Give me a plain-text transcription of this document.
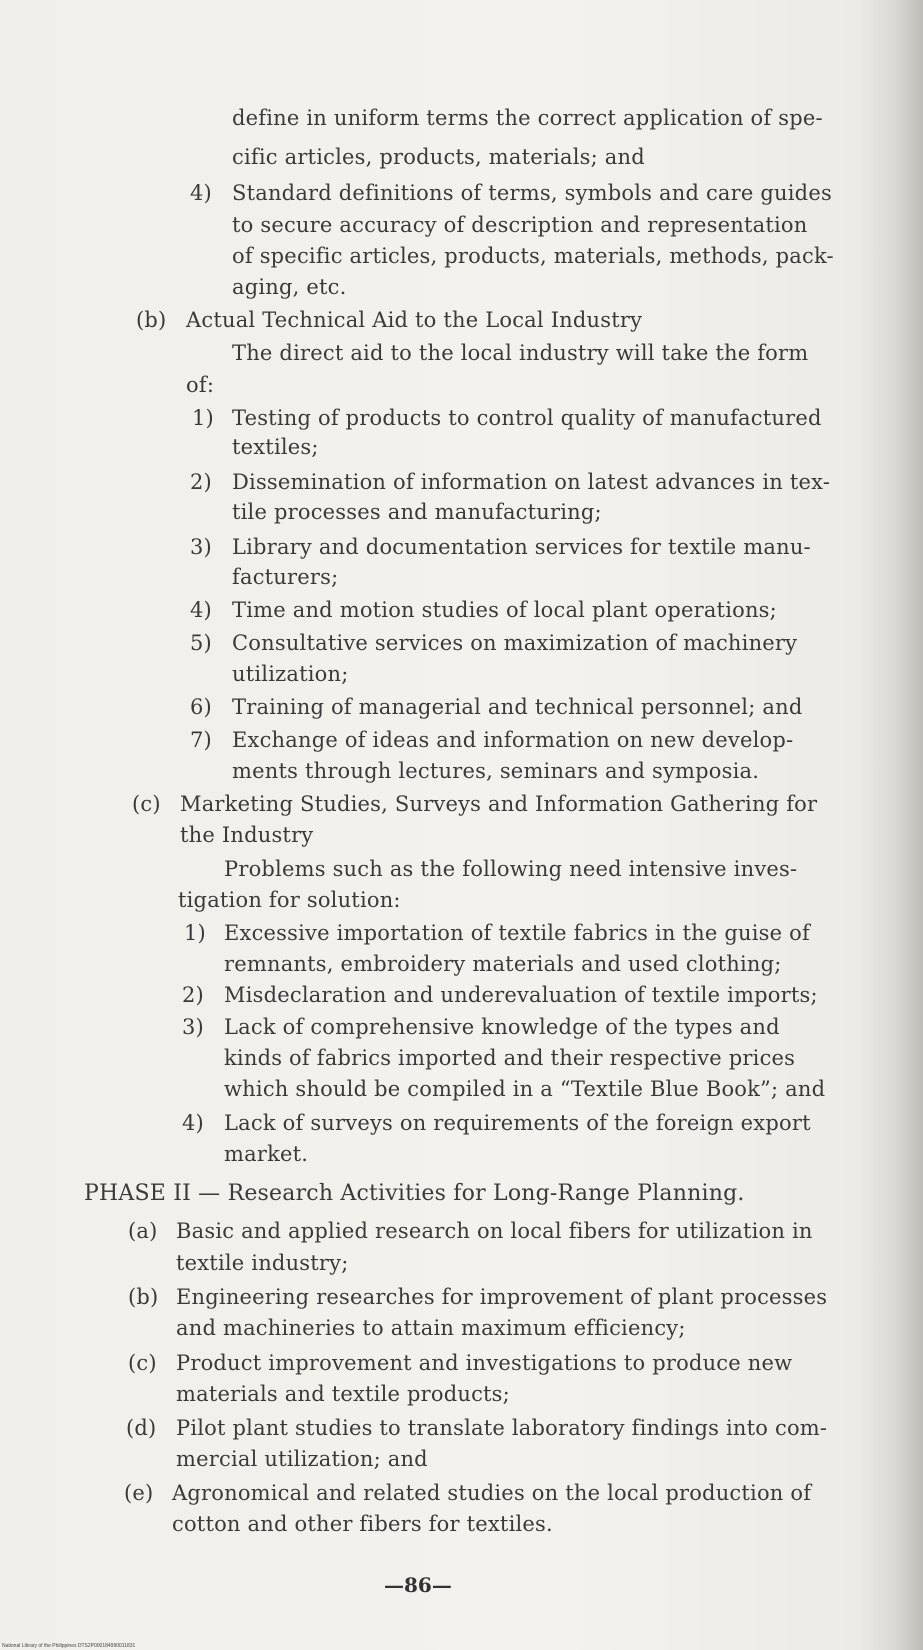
define in uniform terms the correct application of spe-
cific articles, products, materials; and
4) Standard definitions of terms, symbols and care guides
to secure accuracy of description and representation
of specific articles, products, materials, methods, pack-
aging, etc.
(b) Actual Technical Aid to the Local Industry
The direct aid to the local industry will take the form
of:
1) Testing of products to control quality of manufactured
textiles;
2) Dissemination of information on latest advances in tex-
tile processes and manufacturing;
3) Library and documentation services for textile manu-
facturers;
4) Time and motion studies of local plant operations;
5) Consultative services on maximization of machinery
utilization;
6) Training of managerial and technical personnel; and
7) Exchange of ideas and information on new develop-
ments through lectures, seminars and symposia.
(c) Marketing Studies, Surveys and Information Gathering for
the Industry
Problems such as the following need intensive inves-
tigation for solution:
1) Excessive importation of textile fabrics in the guise of
remnants, embroidery materials and used clothing;
2) Misdeclaration and underevaluation of textile imports;
3) Lack of comprehensive knowledge of the types and
kinds of fabrics imported and their respective prices
which should be compiled in a “Textile Blue Book”; and
4) Lack of surveys on requirements of the foreign export
market.
PHASE II — Research Activities for Long-Range Planning.
(a) Basic and applied research on local fibers for utilization in
textile industry;
(b) Engineering researches for improvement of plant processes
and machineries to attain maximum efficiency;
(c) Product improvement and investigations to produce new
materials and textile products;
(d) Pilot plant studies to translate laboratory findings into com-
mercial utilization; and
(e) Agronomical and related studies on the local production of
cotton and other fibers for textiles.
—86—
National Library of the Philippines DTS2P000184990011831
